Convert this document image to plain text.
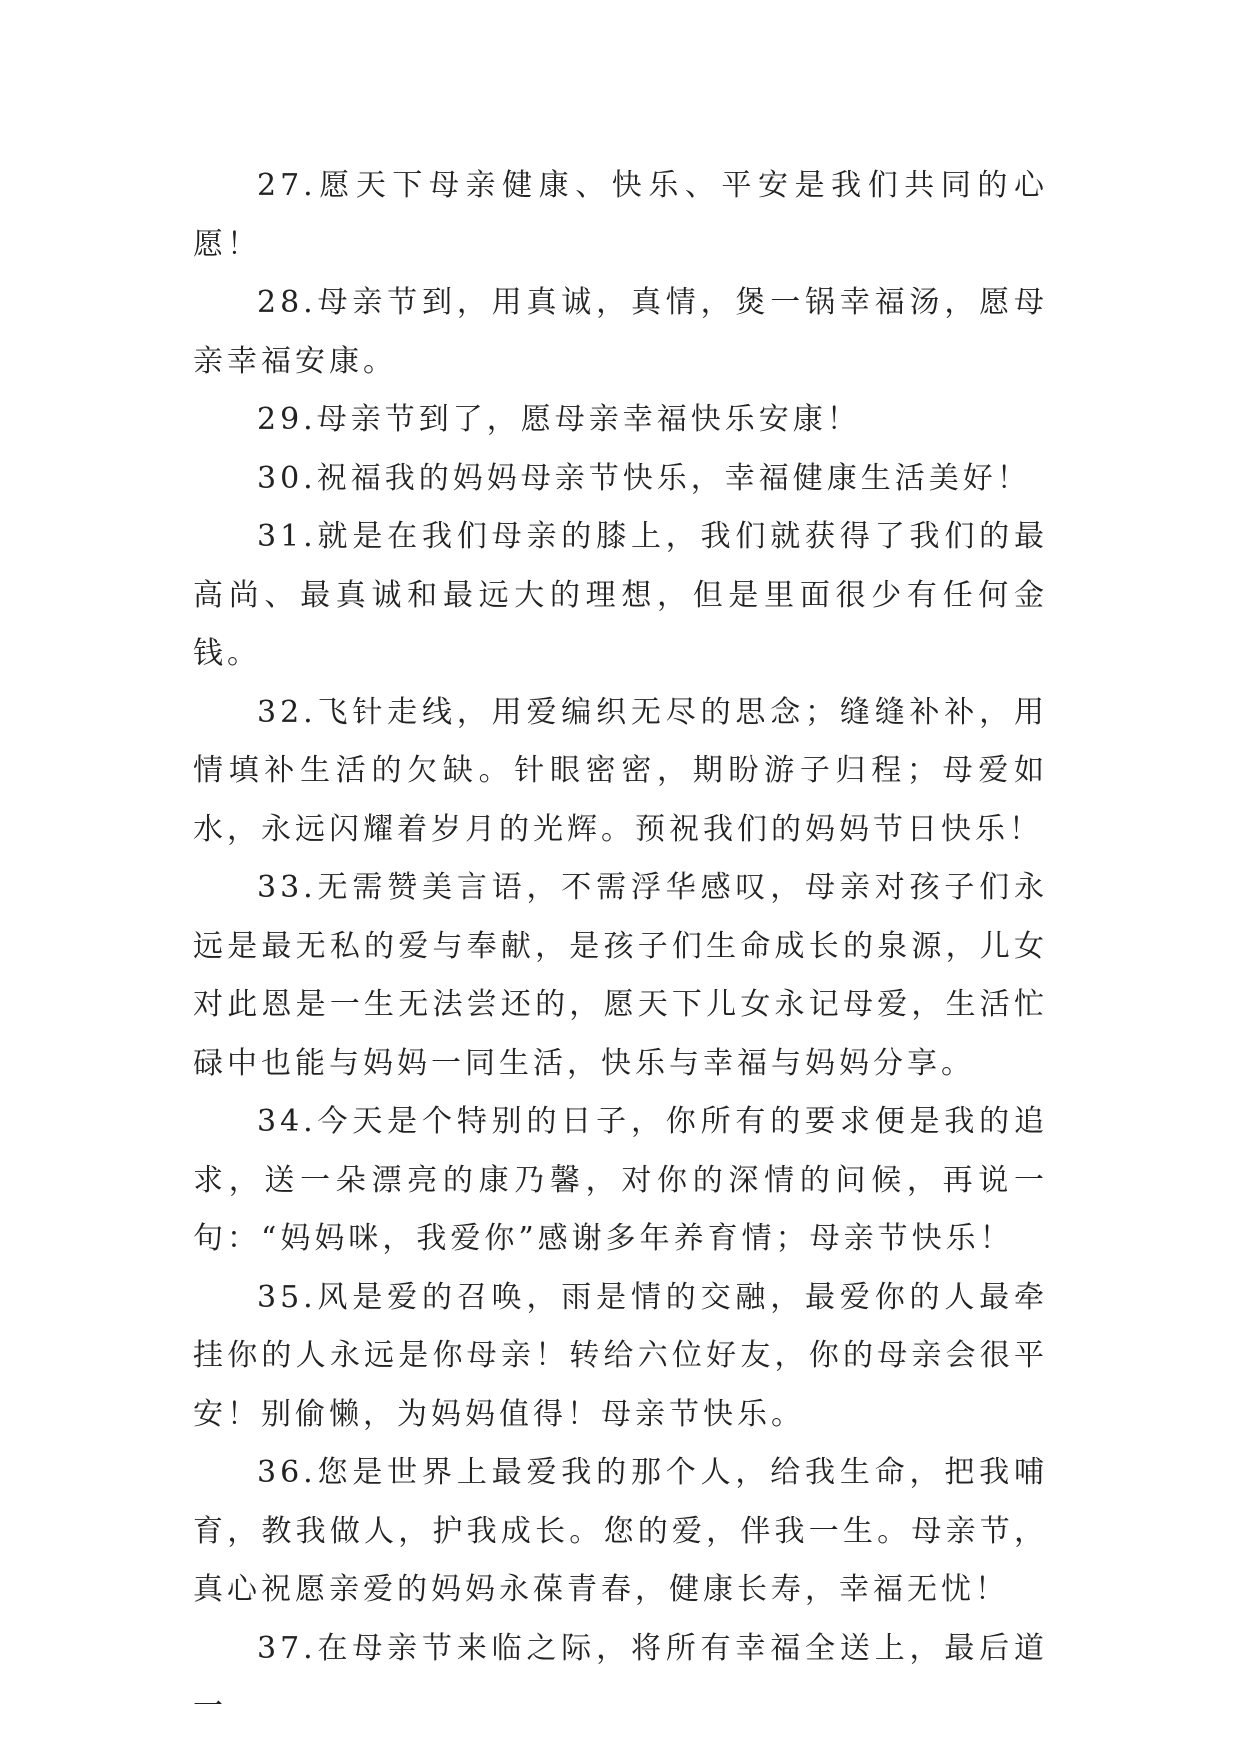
27.愿天下母亲健康、快乐、平安是我们共同的心愿！

28.母亲节到，用真诚，真情，煲一锅幸福汤，愿母亲幸福安康。

29.母亲节到了，愿母亲幸福快乐安康！

30.祝福我的妈妈母亲节快乐，幸福健康生活美好！

31.就是在我们母亲的膝上，我们就获得了我们的最高尚、最真诚和最远大的理想，但是里面很少有任何金钱。

32.飞针走线，用爱编织无尽的思念；缝缝补补，用情填补生活的欠缺。针眼密密，期盼游子归程；母爱如水，永远闪耀着岁月的光辉。预祝我们的妈妈节日快乐！

33.无需赞美言语，不需浮华感叹，母亲对孩子们永远是最无私的爱与奉献，是孩子们生命成长的泉源，儿女对此恩是一生无法尝还的，愿天下儿女永记母爱，生活忙碌中也能与妈妈一同生活，快乐与幸福与妈妈分享。

34.今天是个特别的日子，你所有的要求便是我的追求，送一朵漂亮的康乃馨，对你的深情的问候，再说一句：“妈妈咪，我爱你”感谢多年养育情；母亲节快乐！

35.风是爱的召唤，雨是情的交融，最爱你的人最牵挂你的人永远是你母亲！转给六位好友，你的母亲会很平安！别偷懒，为妈妈值得！母亲节快乐。

36.您是世界上最爱我的那个人，给我生命，把我哺育，教我做人，护我成长。您的爱，伴我一生。母亲节，真心祝愿亲爱的妈妈永葆青春，健康长寿，幸福无忧！

37.在母亲节来临之际，将所有幸福全送上，最后道一
